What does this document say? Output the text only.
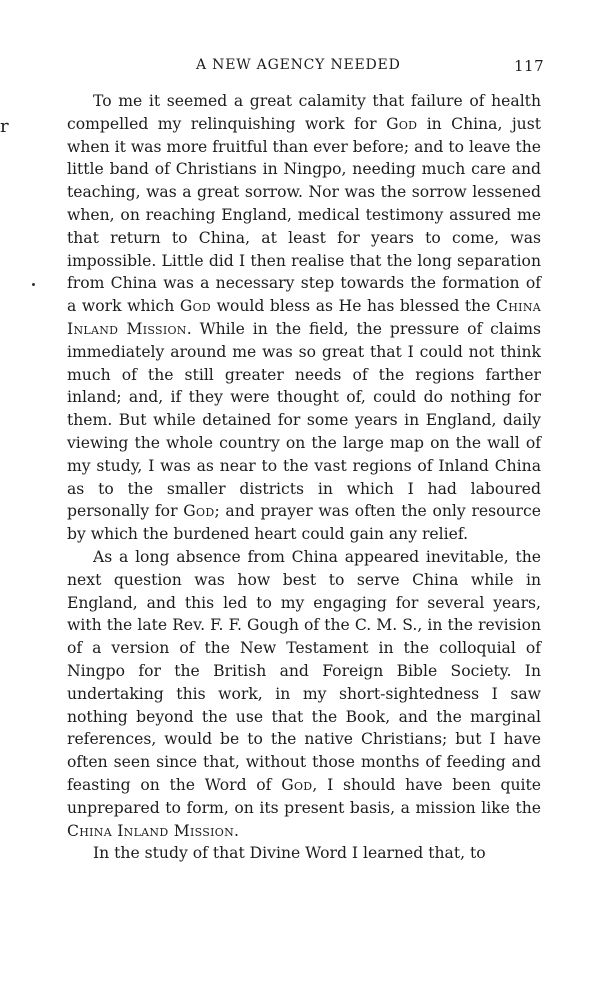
A NEW AGENCY NEEDED	117
r

To me it seemed a great calamity that failure of health compelled my relinquishing work for God in China, just when it was more fruitful than ever before; and to leave the little band of Christians in Ningpo, needing much care and teaching, was a great sorrow. Nor was the sorrow lessened when, on reaching England, medical testimony assured me that return to China, at least for years to come, was impossible. Little did I then realise that the long separation from China was a necessary step towards the formation of a work which God would bless as He has blessed the China Inland Mission. While in the field, the pressure of claims immediately around me was so great that I could not think much of the still greater needs of the regions farther inland; and, if they were thought of, could do nothing for them. But while detained for some years in England, daily viewing the whole country on the large map on the wall of my study, I was as near to the vast regions of Inland China as to the smaller districts in which I had laboured personally for God; and prayer was often the only resource by which the burdened heart could gain any relief.

As a long absence from China appeared inevitable, the next question was how best to serve China while in England, and this led to my engaging for several years, with the late Rev. F. F. Gough of the C. M. S., in the revision of a version of the New Testament in the colloquial of Ningpo for the British and Foreign Bible Society. In undertaking this work, in my short-sightedness I saw nothing beyond the use that the Book, and the marginal references, would be to the native Christians; but I have often seen since that, without those months of feeding and feasting on the Word of God, I should have been quite unprepared to form, on its present basis, a mission like the China Inland Mission.

In the study of that Divine Word I learned that, to
